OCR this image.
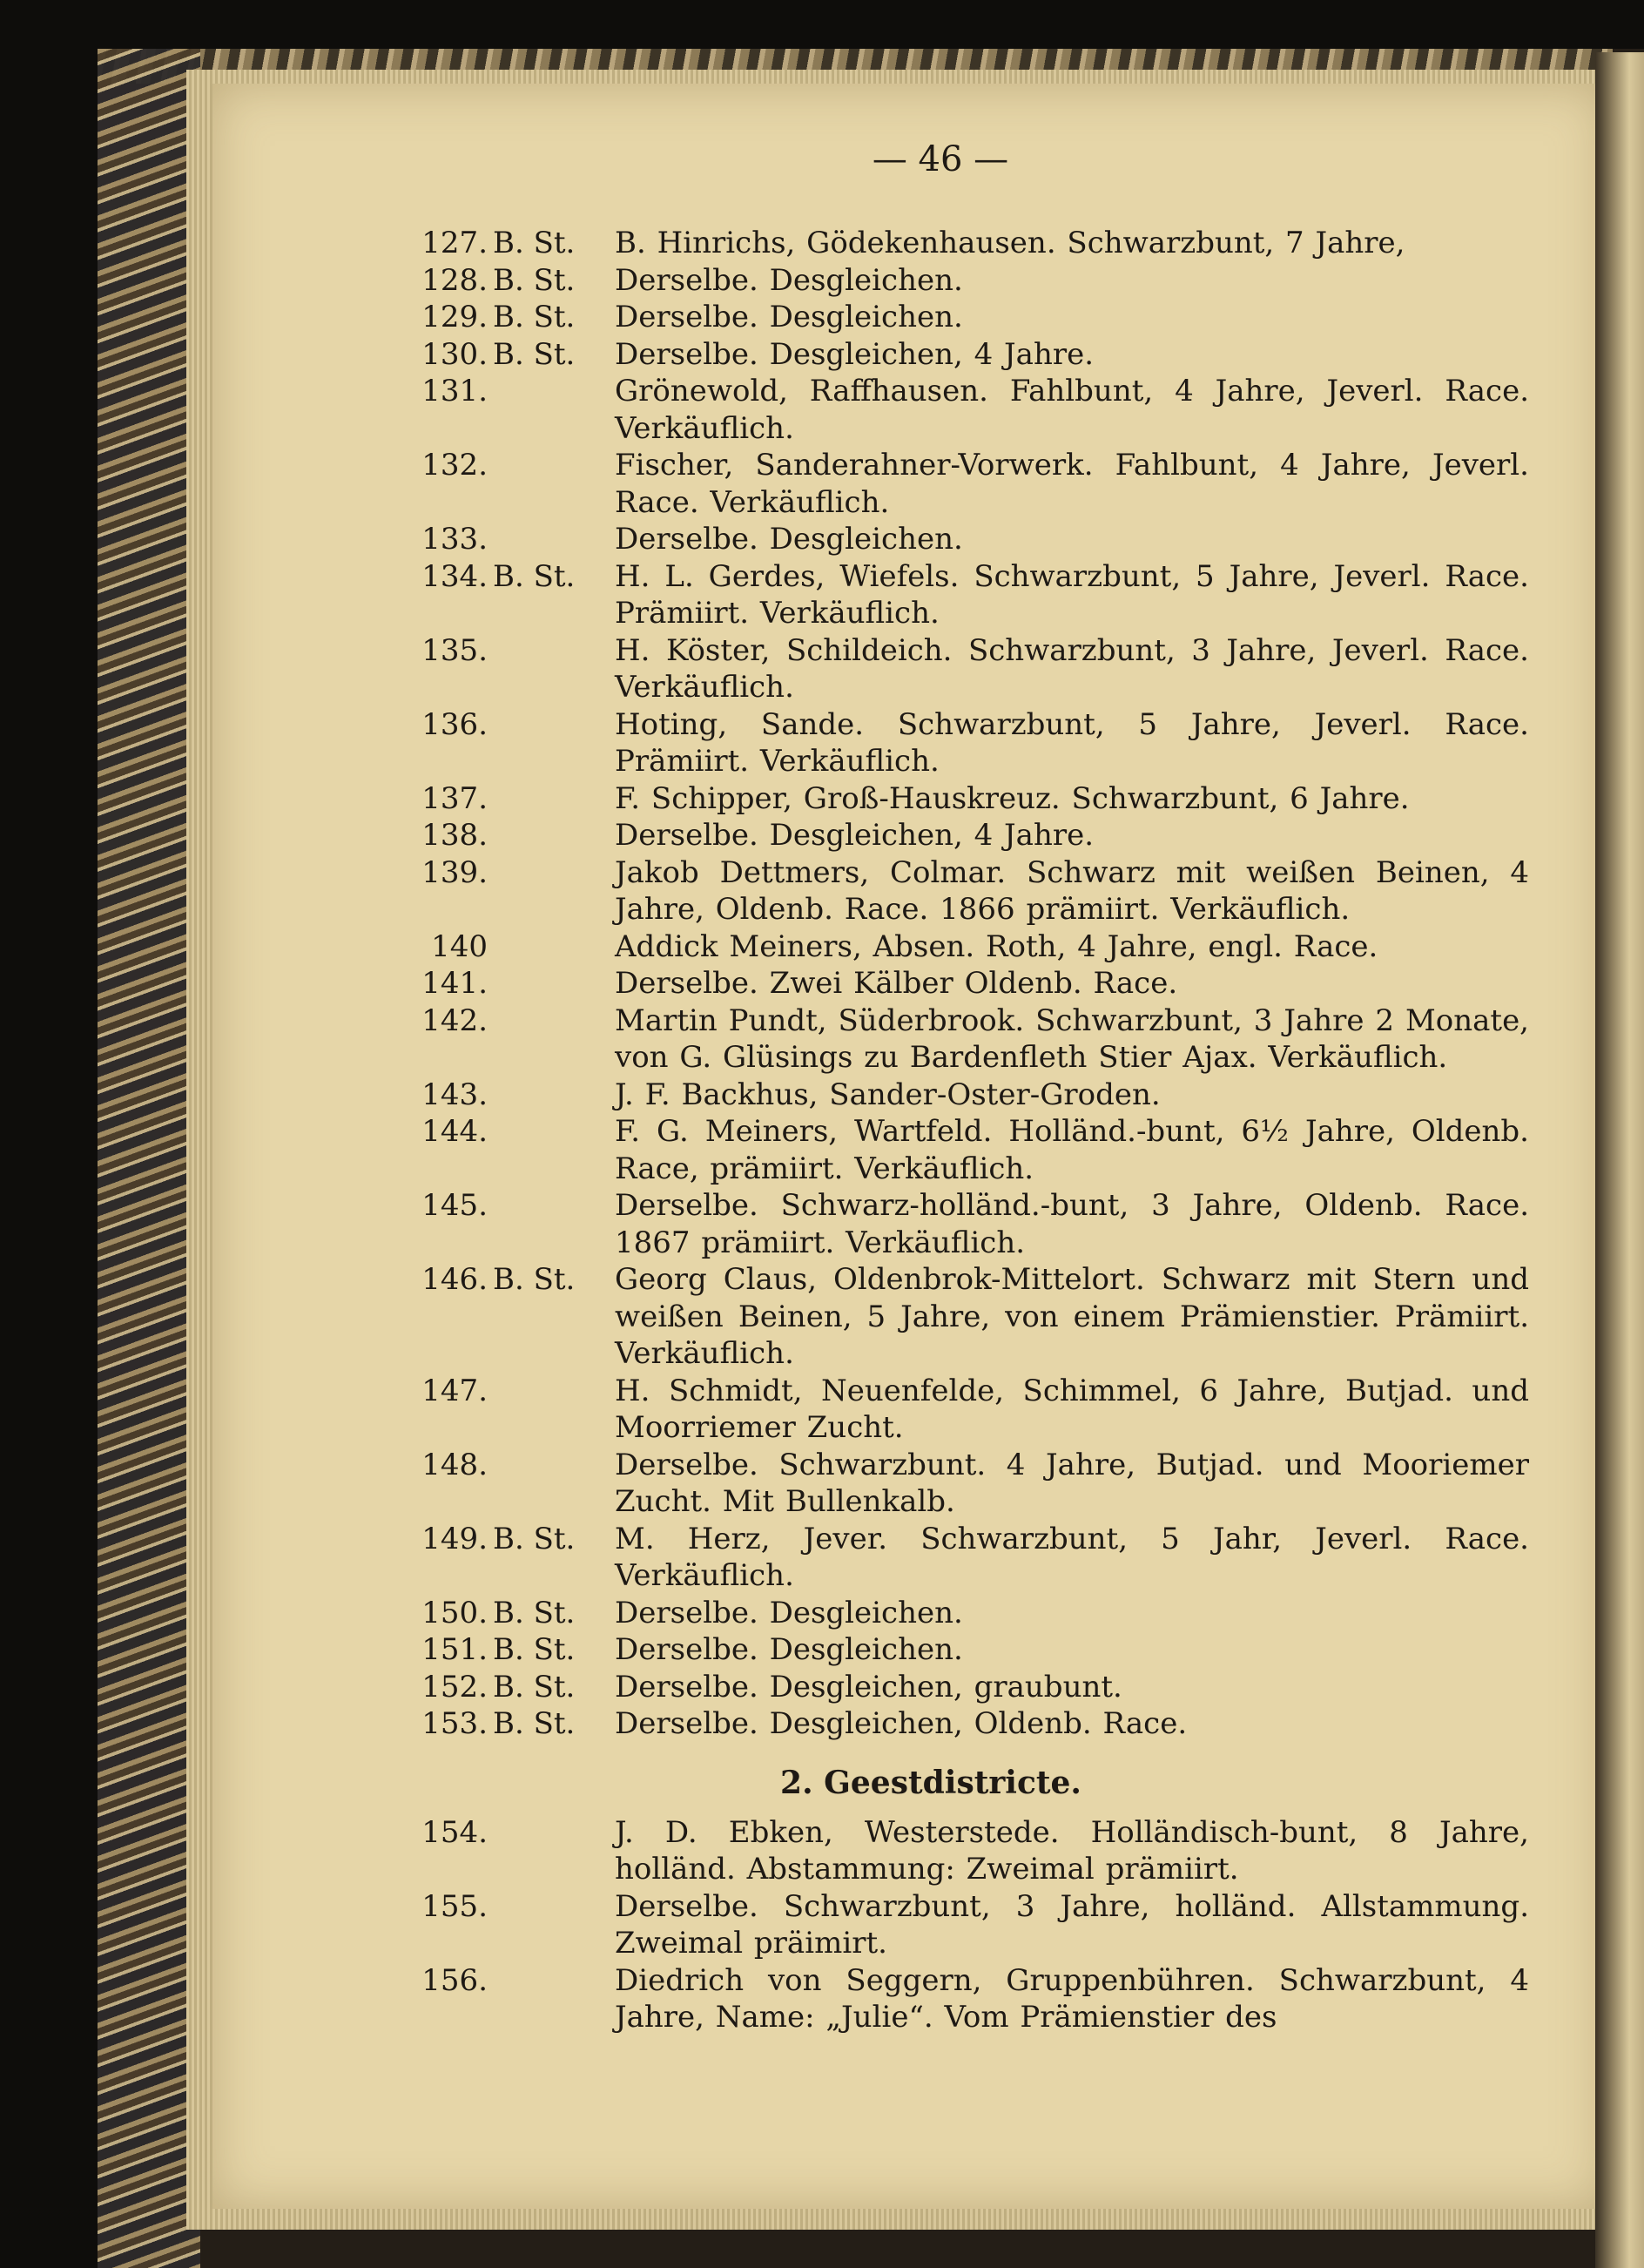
— 46 —
127. B. St.	B. Hinrichs, Gödekenhausen. Schwarzbunt, 7 Jahre,
128. B. St.	Derselbe. Desgleichen.
129. B. St.	Derselbe. Desgleichen.
130. B. St.	Derselbe. Desgleichen, 4 Jahre.
131.	Grönewold, Raffhausen. Fahlbunt, 4 Jahre, Jeverl. Race. Verkäuflich.
132.	Fischer, Sanderahner-Vorwerk. Fahlbunt, 4 Jahre, Jeverl. Race. Verkäuflich.
133.	Derselbe. Desgleichen.
134. B. St.	H. L. Gerdes, Wiefels. Schwarzbunt, 5 Jahre, Jeverl. Race. Prämiirt. Verkäuflich.
135.	H. Köster, Schildeich. Schwarzbunt, 3 Jahre, Jeverl. Race. Verkäuflich.
136.	Hoting, Sande. Schwarzbunt, 5 Jahre, Jeverl. Race. Prämiirt. Verkäuflich.
137.	F. Schipper, Groß-Hauskreuz. Schwarzbunt, 6 Jahre.
138.	Derselbe. Desgleichen, 4 Jahre.
139.	Jakob Dettmers, Colmar. Schwarz mit weißen Beinen, 4 Jahre, Oldenb. Race. 1866 prämiirt. Verkäuflich.
140	Addick Meiners, Absen. Roth, 4 Jahre, engl. Race.
141.	Derselbe. Zwei Kälber Oldenb. Race.
142.	Martin Pundt, Süderbrook. Schwarzbunt, 3 Jahre 2 Monate, von G. Glüsings zu Bardenfleth Stier Ajax. Verkäuflich.
143.	J. F. Backhus, Sander-Oster-Groden.
144.	F. G. Meiners, Wartfeld. Holländ.-bunt, 6½ Jahre, Oldenb. Race, prämiirt. Verkäuflich.
145.	Derselbe. Schwarz-holländ.-bunt, 3 Jahre, Oldenb. Race. 1867 prämiirt. Verkäuflich.
146. B. St.	Georg Claus, Oldenbrok-Mittelort. Schwarz mit Stern und weißen Beinen, 5 Jahre, von einem Prämienstier. Prämiirt. Verkäuflich.
147.	H. Schmidt, Neuenfelde, Schimmel, 6 Jahre, Butjad. und Moorriemer Zucht.
148.	Derselbe. Schwarzbunt. 4 Jahre, Butjad. und Mooriemer Zucht. Mit Bullenkalb.
149. B. St.	M. Herz, Jever. Schwarzbunt, 5 Jahr, Jeverl. Race. Verkäuflich.
150. B. St.	Derselbe. Desgleichen.
151. B. St.	Derselbe. Desgleichen.
152. B. St.	Derselbe. Desgleichen, graubunt.
153. B. St.	Derselbe. Desgleichen, Oldenb. Race.
2. Geestdistricte.
154.	J. D. Ebken, Westerstede. Holländisch-bunt, 8 Jahre, holländ. Abstammung: Zweimal prämiirt.
155.	Derselbe. Schwarzbunt, 3 Jahre, holländ. Allstammung. Zweimal präimirt.
156.	Diedrich von Seggern, Gruppenbühren. Schwarzbunt, 4 Jahre, Name: „Julie“. Vom Prämienstier des
